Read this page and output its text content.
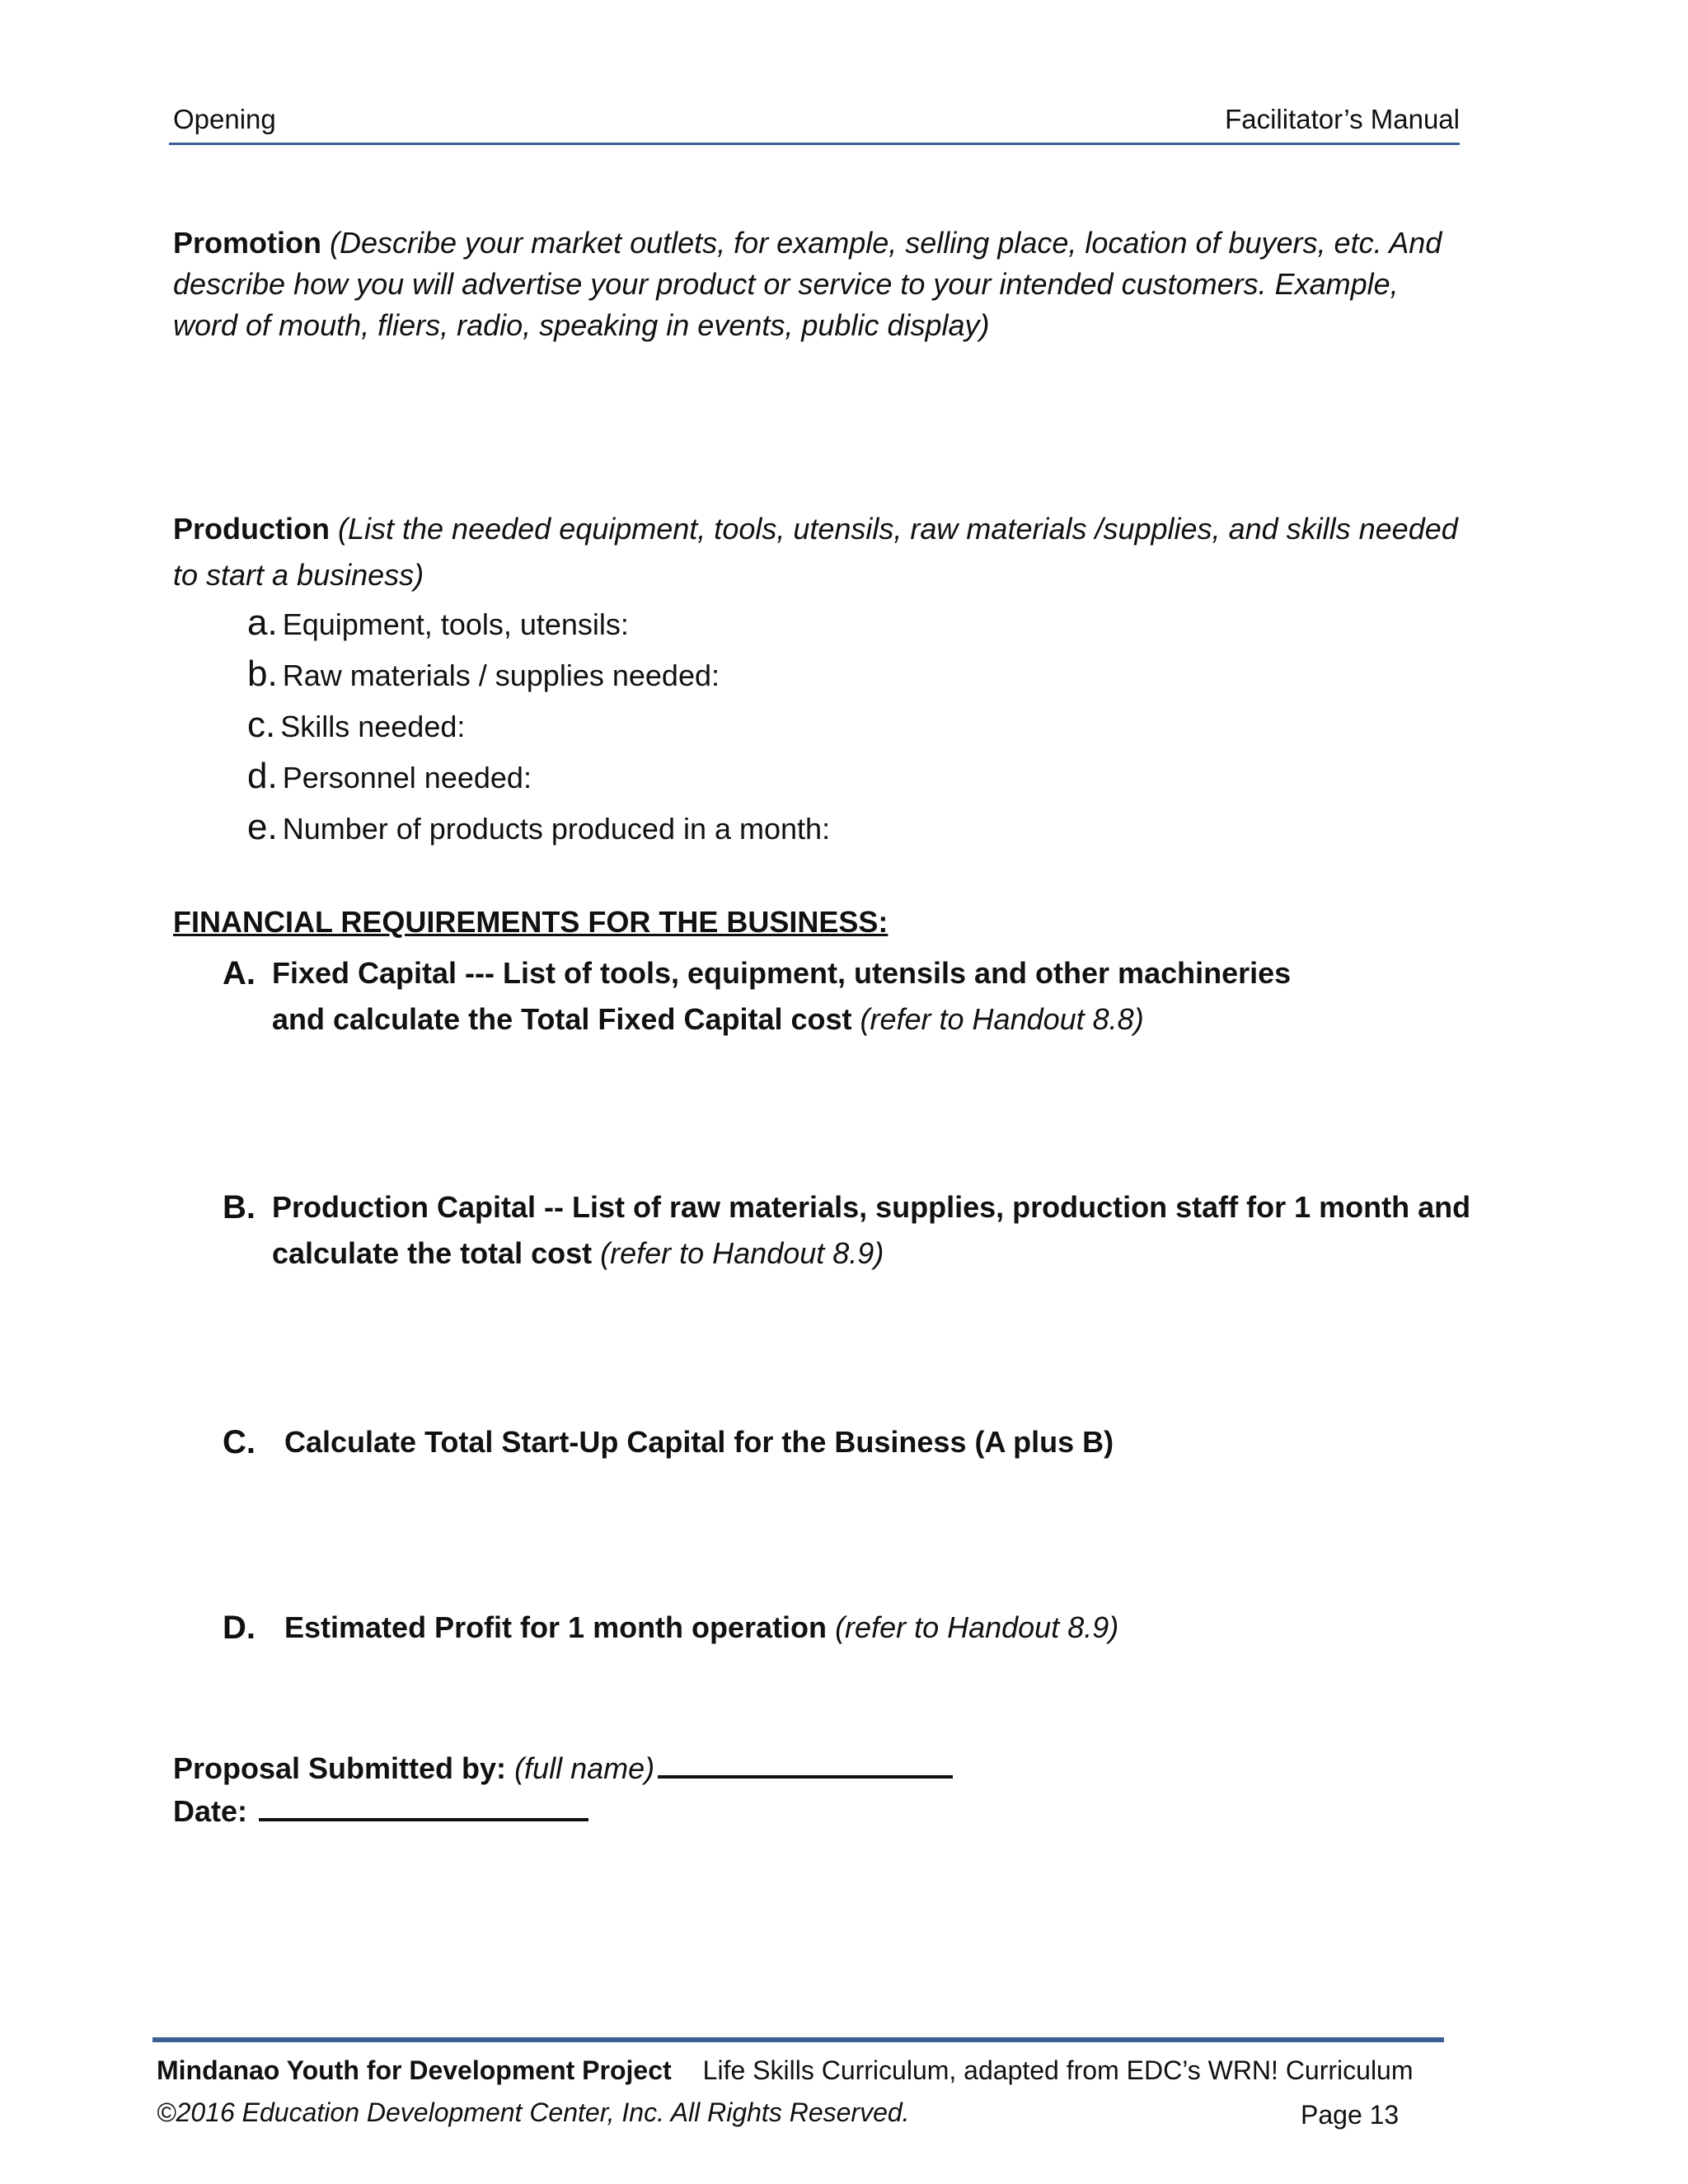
Opening	Facilitator’s Manual
Promotion (Describe your market outlets, for example, selling place, location of buyers, etc. And
describe how you will advertise your product or service to your intended customers. Example,
word of mouth, fliers, radio, speaking in events, public display)
Production (List the needed equipment, tools, utensils, raw materials /supplies, and skills needed
to start a business)
a. Equipment, tools, utensils:
b. Raw materials / supplies needed:
c. Skills needed:
d. Personnel needed:
e. Number of products produced in a month:
FINANCIAL REQUIREMENTS FOR THE BUSINESS:
A. Fixed Capital --- List of tools, equipment, utensils and other machineries
and calculate the Total Fixed Capital cost (refer to Handout 8.8)
B. Production Capital -- List of raw materials, supplies, production staff for 1 month and
calculate the total cost (refer to Handout 8.9)
C. Calculate Total Start-Up Capital for the Business (A plus B)
D. Estimated Profit for 1 month operation (refer to Handout 8.9)
Proposal Submitted by: (full name)
Date:
Mindanao Youth for Development Project Life Skills Curriculum, adapted from EDC’s WRN! Curriculum
©2016 Education Development Center, Inc. All Rights Reserved.	Page 13
